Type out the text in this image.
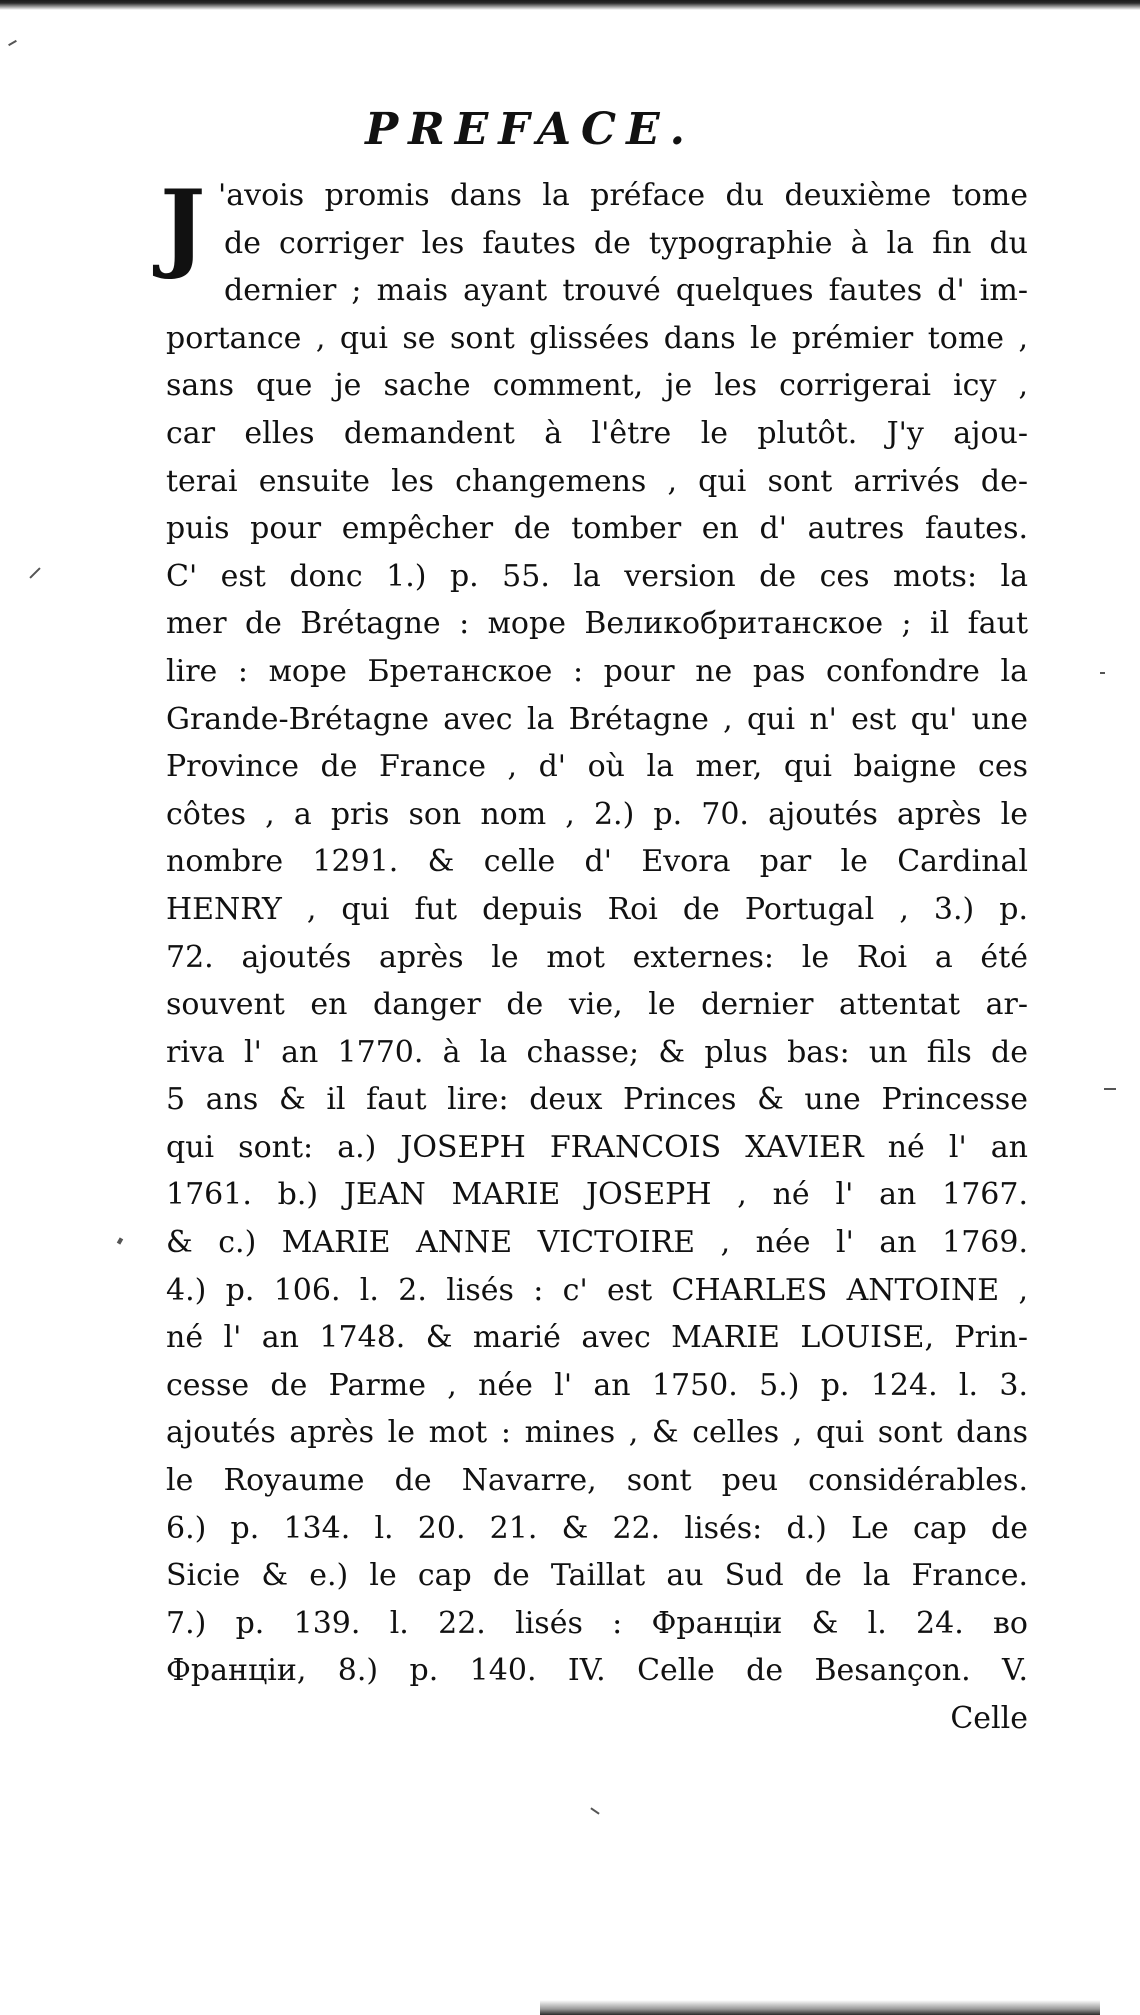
PREFACE.
J 'avois promis dans la préface du deuxième tome
de corriger les fautes de typographie à la fin du
dernier ; mais ayant trouvé quelques fautes d' im-
portance , qui se sont glissées dans le prémier tome ,
sans que je sache comment, je les corrigerai icy ,
car elles demandent à l'être le plutôt. J'y ajou-
terai ensuite les changemens , qui sont arrivés de-
puis pour empêcher de tomber en d' autres fautes.
C' est donc 1.) p. 55. la version de ces mots: la
mer de Brétagne : море Великобританское ; il faut
lire : море Бретанское : pour ne pas confondre la
Grande-Brétagne avec la Brétagne , qui n' est qu' une
Province de France , d' où la mer, qui baigne ces
côtes , a pris son nom , 2.) p. 70. ajoutés après le
nombre 1291. & celle d' Evora par le Cardinal
HENRY , qui fut depuis Roi de Portugal , 3.) p.
72. ajoutés après le mot externes: le Roi a été
souvent en danger de vie, le dernier attentat ar-
riva l' an 1770. à la chasse; & plus bas: un fils de
5 ans & il faut lire: deux Princes & une Princesse
qui sont: a.) JOSEPH FRANCOIS XAVIER né l' an
1761. b.) JEAN MARIE JOSEPH , né l' an 1767.
& c.) MARIE ANNE VICTOIRE , née l' an 1769.
4.) p. 106. l. 2. lisés : c' est CHARLES ANTOINE ,
né l' an 1748. & marié avec MARIE LOUISE, Prin-
cesse de Parme , née l' an 1750. 5.) p. 124. l. 3.
ajoutés après le mot : mines , & celles , qui sont dans
le Royaume de Navarre, sont peu considérables.
6.) p. 134. l. 20. 21. & 22. lisés: d.) Le cap de
Sicie & e.) le cap de Taillat au Sud de la France.
7.) p. 139. l. 22. lisés : Франціи & l. 24. во
Франціи, 8.) p. 140. IV. Celle de Besançon. V.
Celle
